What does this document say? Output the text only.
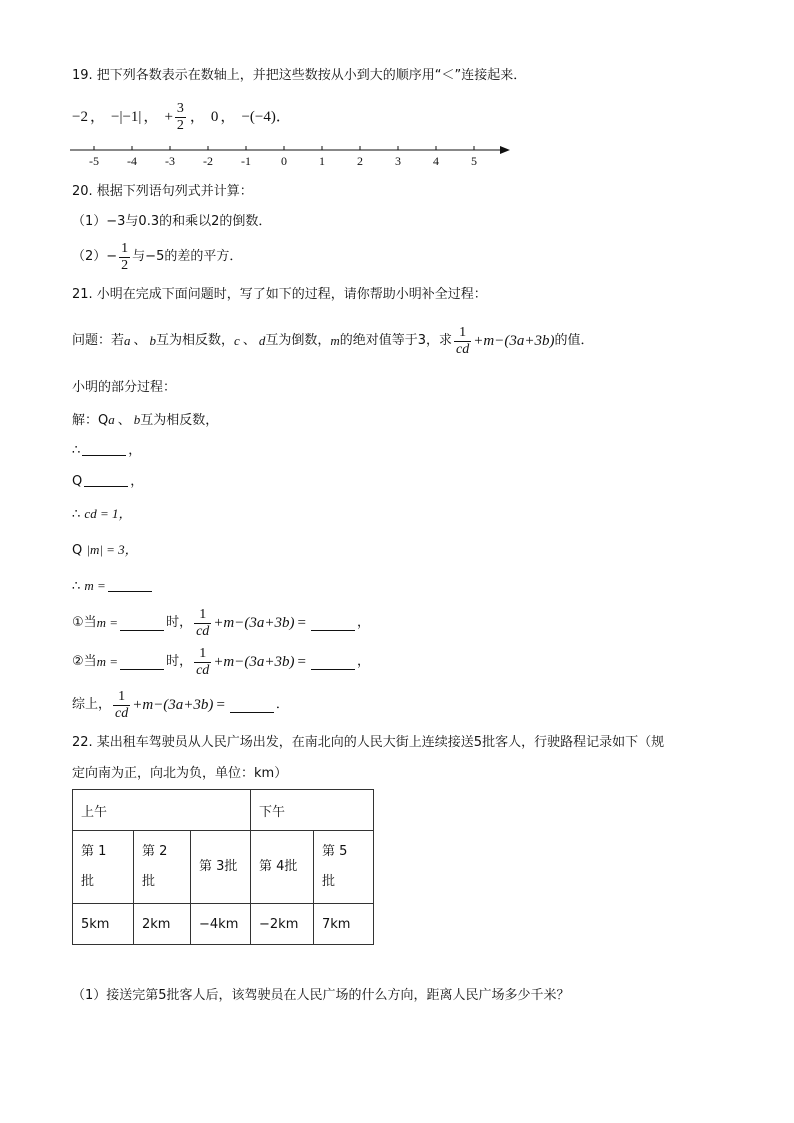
19. 把下列各数表示在数轴上，并把这些数按从小到大的顺序用“＜”连接起来．
−2 ， −|−1| ， + $\frac{3}{2}$ ， 0 ， −(−4) ．
-5 -4 -3 -2 -1	0	1	2	3	4	5
20. 根据下列语句列式并计算：
（1）−3与0.3的和乘以2的倒数．
$(2)- \frac{1}{2}$ 与−5的差的平方．
21. 小明在完成下面问题时，写了如下的过程，请你帮助小明补全过程：
问题：若 a 、 b 互为相反数， c 、 d 互为倒数， m 的绝对值等于3，求 $\frac{1}{cd} +m-(3a+3b)$ 的值．
小明的部分过程：
解：Qa 、 b互为相反数，
∴	，
Q	，
∴ cd = 1，
Q |m| = 3，
∴ m =
①当 m =	时， $\frac{1}{cd} +m-(3a+3b)$ =	，
②当 m =	时， $\frac{1}{cd} +m-(3a+3b)$ =	，
综上， $\frac{1}{cd} +m-(3a+3b)$ =	．
22. 某出租车驾驶员从人民广场出发，在南北向的人民大街上连续接送5批客人，行驶路程记录如下（规
定向南为正，向北为负，单位：km）
上午			下午	
第 1
批	第 2
批	第 3批	第 4批	第 5
批
5km	2km	−4km	−2km	7km
（1）接送完第5批客人后，该驾驶员在人民广场的什么方向，距离人民广场多少千米？
